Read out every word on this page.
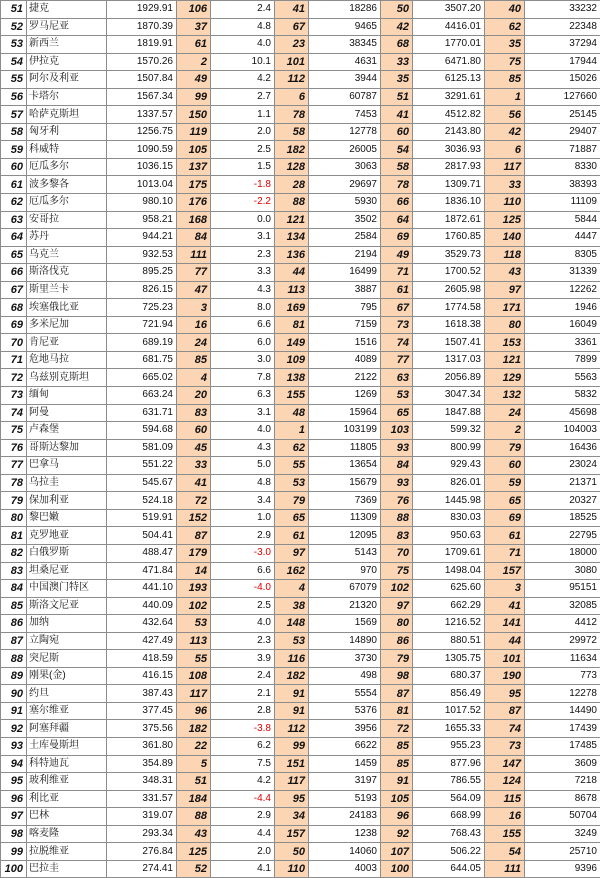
51	捷克	1929.91	106	2.4	41	18286	50	3507.20	40	33232
52	罗马尼亚	1870.39	37	4.8	67	9465	42	4416.01	62	22348
53	新西兰	1819.91	61	4.0	23	38345	68	1770.01	35	37294
54	伊拉克	1570.26	2	10.1	101	4631	33	6471.80	75	17944
55	阿尔及利亚	1507.84	49	4.2	112	3944	35	6125.13	85	15026
56	卡塔尔	1567.34	99	2.7	6	60787	51	3291.61	1	127660
57	哈萨克斯坦	1337.57	150	1.1	78	7453	41	4512.82	56	25145
58	匈牙利	1256.75	119	2.0	58	12778	60	2143.80	42	29407
59	科威特	1090.59	105	2.5	182	26005	54	3036.93	6	71887
60	厄瓜多尔	1036.15	137	1.5	128	3063	58	2817.93	117	8330
61	波多黎各	1013.04	175	-1.8	28	29697	78	1309.71	33	38393
62	厄瓜多尔	980.10	176	-2.2	88	5930	66	1836.10	110	11109
63	安哥拉	958.21	168	0.0	121	3502	64	1872.61	125	5844
64	苏丹	944.21	84	3.1	134	2584	69	1760.85	140	4447
65	乌克兰	932.53	111	2.3	136	2194	49	3529.73	118	8305
66	斯洛伐克	895.25	77	3.3	44	16499	71	1700.52	43	31339
67	斯里兰卡	826.15	47	4.3	113	3887	61	2605.98	97	12262
68	埃塞俄比亚	725.23	3	8.0	169	795	67	1774.58	171	1946
69	多米尼加	721.94	16	6.6	81	7159	73	1618.38	80	16049
70	肯尼亚	689.19	24	6.0	149	1516	74	1507.41	153	3361
71	危地马拉	681.75	85	3.0	109	4089	77	1317.03	121	7899
72	乌兹别克斯坦	665.02	4	7.8	138	2122	63	2056.89	129	5563
73	缅甸	663.24	20	6.3	155	1269	53	3047.34	132	5832
74	阿曼	631.71	83	3.1	48	15964	65	1847.88	24	45698
75	卢森堡	594.68	60	4.0	1	103199	103	599.32	2	104003
76	哥斯达黎加	581.09	45	4.3	62	11805	93	800.99	79	16436
77	巴拿马	551.22	33	5.0	55	13654	84	929.43	60	23024
78	乌拉圭	545.67	41	4.8	53	15679	93	826.01	59	21371
79	保加利亚	524.18	72	3.4	79	7369	76	1445.98	65	20327
80	黎巴嫩	519.91	152	1.0	65	11309	88	830.03	69	18525
81	克罗地亚	504.41	87	2.9	61	12095	83	950.63	61	22795
82	白俄罗斯	488.47	179	-3.0	97	5143	70	1709.61	71	18000
83	坦桑尼亚	471.84	14	6.6	162	970	75	1498.04	157	3080
84	中国澳门特区	441.10	193	-4.0	4	67079	102	625.60	3	95151
85	斯洛文尼亚	440.09	102	2.5	38	21320	97	662.29	41	32085
86	加纳	432.64	53	4.0	148	1569	80	1216.52	141	4412
87	立陶宛	427.49	113	2.3	53	14890	86	880.51	44	29972
88	突尼斯	418.59	55	3.9	116	3730	79	1305.75	101	11634
89	刚果(金)	416.15	108	2.4	182	498	98	680.37	190	773
90	约旦	387.43	117	2.1	91	5554	87	856.49	95	12278
91	塞尔维亚	377.45	96	2.8	91	5376	81	1017.52	87	14490
92	阿塞拜疆	375.56	182	-3.8	112	3956	72	1655.33	74	17439
93	土库曼斯坦	361.80	22	6.2	99	6622	85	955.23	73	17485
94	科特迪瓦	354.89	5	7.5	151	1459	85	877.96	147	3609
95	玻利维亚	348.31	51	4.2	117	3197	91	786.55	124	7218
96	利比亚	331.57	184	-4.4	95	5193	105	564.09	115	8678
97	巴林	319.07	88	2.9	34	24183	96	668.99	16	50704
98	喀麦隆	293.34	43	4.4	157	1238	92	768.43	155	3249
99	拉脱维亚	276.84	125	2.0	50	14060	107	506.22	54	25710
100	巴拉圭	274.41	52	4.1	110	4003	100	644.05	111	9396
